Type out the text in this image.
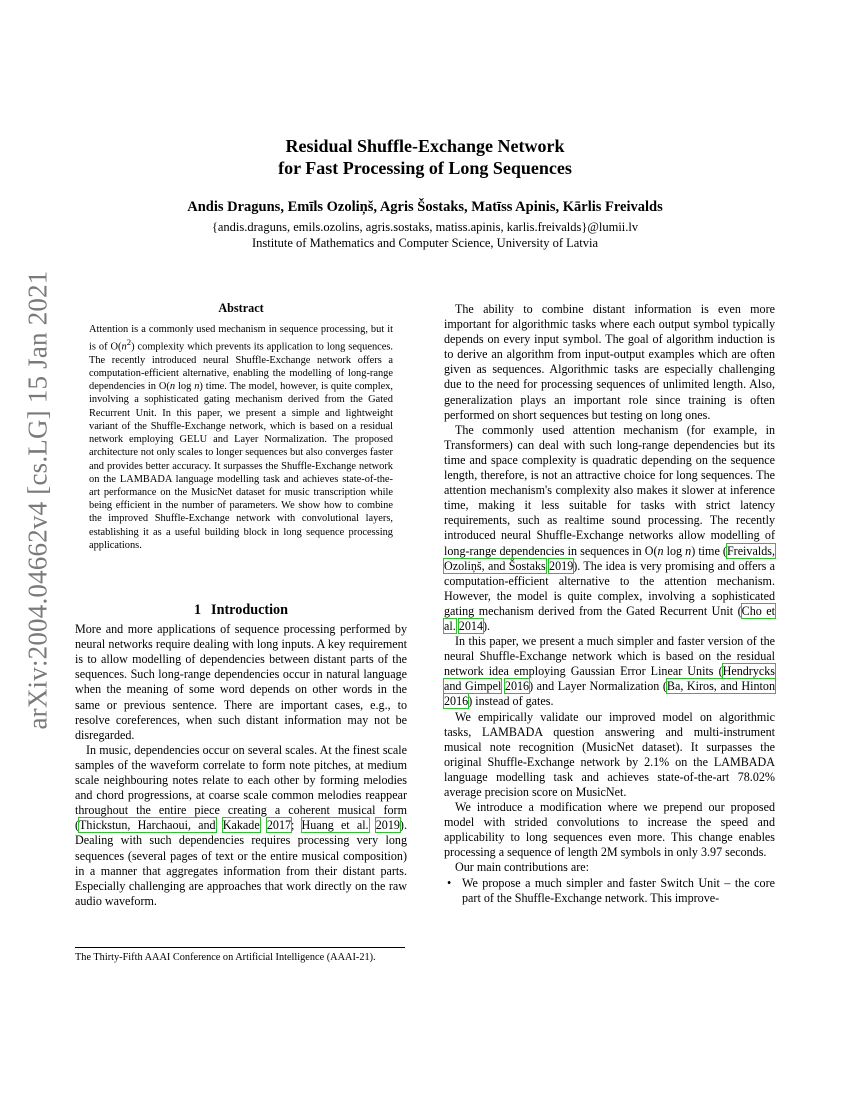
arXiv:2004.04662v4 [cs.LG] 15 Jan 2021
Residual Shuffle-Exchange Network
for Fast Processing of Long Sequences
Andis Draguns, Emīls Ozoliņš, Agris Šostaks, Matīss Apinis, Kārlis Freivalds
{andis.draguns, emils.ozolins, agris.sostaks, matiss.apinis, karlis.freivalds}@lumii.lv
Institute of Mathematics and Computer Science, University of Latvia
Abstract
Attention is a commonly used mechanism in sequence processing, but it is of $O(n^2)$ complexity which prevents its application to long sequences. The recently introduced neural Shuffle-Exchange network offers a computation-efficient alternative, enabling the modelling of long-range dependencies in O(n log n) time. The model, however, is quite complex, involving a sophisticated gating mechanism derived from the Gated Recurrent Unit. In this paper, we present a simple and lightweight variant of the Shuffle-Exchange network, which is based on a residual network employing GELU and Layer Normalization. The proposed architecture not only scales to longer sequences but also converges faster and provides better accuracy. It surpasses the Shuffle-Exchange network on the LAMBADA language modelling task and achieves state-of-the-art performance on the MusicNet dataset for music transcription while being efficient in the number of parameters. We show how to combine the improved Shuffle-Exchange network with convolutional layers, establishing it as a useful building block in long sequence processing applications.
1 Introduction

More and more applications of sequence processing performed by neural networks require dealing with long inputs. A key requirement is to allow modelling of dependencies between distant parts of the sequences. Such long-range dependencies occur in natural language when the meaning of some word depends on other words in the same or previous sentence. There are important cases, e.g., to resolve coreferences, when such distant information may not be disregarded.

In music, dependencies occur on several scales. At the finest scale samples of the waveform correlate to form note pitches, at medium scale neighbouring notes relate to each other by forming melodies and chord progressions, at coarse scale common melodies reappear throughout the entire piece creating a coherent musical form (Thickstun, Harchaoui, and Kakade 2017; Huang et al. 2019). Dealing with such dependencies requires processing very long sequences (several pages of text or the entire musical composition) in a manner that aggregates information from their distant parts. Especially challenging are approaches that work directly on the raw audio waveform.

The Thirty-Fifth AAAI Conference on Artificial Intelligence (AAAI-21).

The ability to combine distant information is even more important for algorithmic tasks where each output symbol typically depends on every input symbol. The goal of algorithm induction is to derive an algorithm from input-output examples which are often given as sequences. Algorithmic tasks are especially challenging due to the need for processing sequences of unlimited length. Also, generalization plays an important role since training is often performed on short sequences but testing on long ones.

The commonly used attention mechanism (for example, in Transformers) can deal with such long-range dependencies but its time and space complexity is quadratic depending on the sequence length, therefore, is not an attractive choice for long sequences. The attention mechanism's complexity also makes it slower at inference time, making it less suitable for tasks with strict latency requirements, such as realtime sound processing. The recently introduced neural Shuffle-Exchange networks allow modelling of long-range dependencies in sequences in O(n log n) time (Freivalds, Ozoliņš, and Šostaks 2019). The idea is very promising and offers a computation-efficient alternative to the attention mechanism. However, the model is quite complex, involving a sophisticated gating mechanism derived from the Gated Recurrent Unit (Cho et al. 2014).

In this paper, we present a much simpler and faster version of the neural Shuffle-Exchange network which is based on the residual network idea employing Gaussian Error Linear Units (Hendrycks and Gimpel 2016) and Layer Normalization (Ba, Kiros, and Hinton 2016) instead of gates.

We empirically validate our improved model on algorithmic tasks, LAMBADA question answering and multi-instrument musical note recognition (MusicNet dataset). It surpasses the original Shuffle-Exchange network by 2.1% on the LAMBADA language modelling task and achieves state-of-the-art 78.02% average precision score on MusicNet.

We introduce a modification where we prepend our proposed model with strided convolutions to increase the speed and applicability to long sequences even more. This change enables processing a sequence of length 2M symbols in only 3.97 seconds.

Our main contributions are:

• We propose a much simpler and faster Switch Unit – the core part of the Shuffle-Exchange network. This improve-
